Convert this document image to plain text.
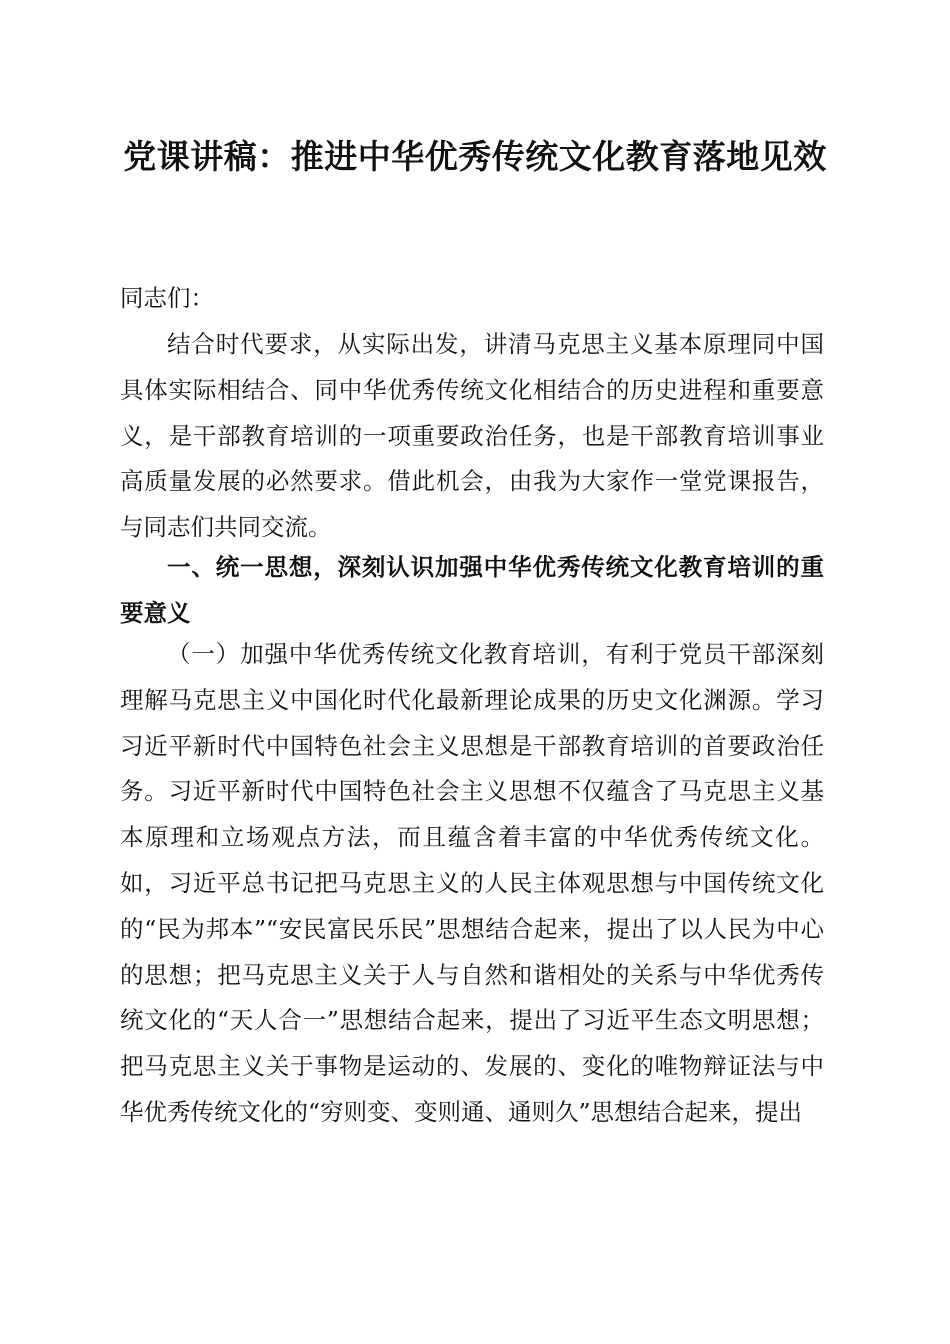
党课讲稿：推进中华优秀传统文化教育落地见效

同志们：

结合时代要求，从实际出发，讲清马克思主义基本原理同中国具体实际相结合、同中华优秀传统文化相结合的历史进程和重要意义，是干部教育培训的一项重要政治任务，也是干部教育培训事业高质量发展的必然要求。借此机会，由我为大家作一堂党课报告，与同志们共同交流。

一、统一思想，深刻认识加强中华优秀传统文化教育培训的重要意义

（一）加强中华优秀传统文化教育培训，有利于党员干部深刻理解马克思主义中国化时代化最新理论成果的历史文化渊源。学习习近平新时代中国特色社会主义思想是干部教育培训的首要政治任务。习近平新时代中国特色社会主义思想不仅蕴含了马克思主义基本原理和立场观点方法，而且蕴含着丰富的中华优秀传统文化。如，习近平总书记把马克思主义的人民主体观思想与中国传统文化的“民为邦本”“安民富民乐民”思想结合起来，提出了以人民为中心的思想；把马克思主义关于人与自然和谐相处的关系与中华优秀传统文化的“天人合一”思想结合起来，提出了习近平生态文明思想；把马克思主义关于事物是运动的、发展的、变化的唯物辩证法与中华优秀传统文化的“穷则变、变则通、通则久”思想结合起来，提出
